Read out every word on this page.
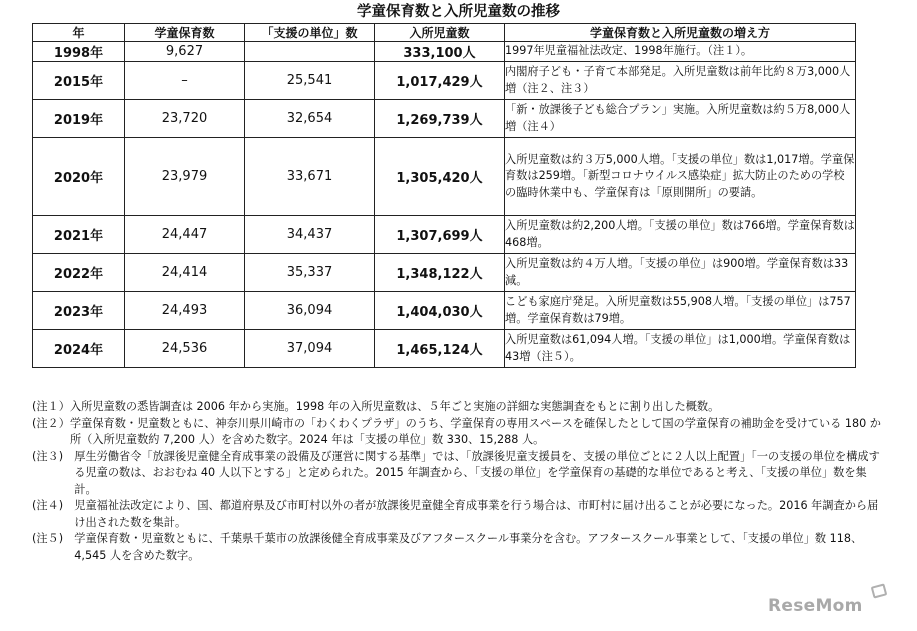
学童保育数と入所児童数の推移
年	学童保育数	「支援の単位」数	入所児童数	学童保育数と入所児童数の増え方
1998年	9,627		333,100人	1997年児童福祉法改定、1998年施行。（注１）。
2015年	–	25,541	1,017,429人	内閣府子ども・子育て本部発足。入所児童数は前年比約８万3,000人増（注２、注３）
2019年	23,720	32,654	1,269,739人	「新・放課後子ども総合プラン」実施。入所児童数は約５万8,000人増（注４）
2020年	23,979	33,671	1,305,420人	入所児童数は約３万5,000人増。「支援の単位」数は1,017増。学童保育数は259増。「新型コロナウイルス感染症」拡大防止のための学校の臨時休業中も、学童保育は「原則開所」の要請。
2021年	24,447	34,437	1,307,699人	入所児童数は約2,200人増。「支援の単位」数は766増。学童保育数は468増。
2022年	24,414	35,337	1,348,122人	入所児童数は約４万人増。「支援の単位」は900増。学童保育数は33減。
2023年	24,493	36,094	1,404,030人	こども家庭庁発足。入所児童数は55,908人増。「支援の単位」は757増。学童保育数は79増。
2024年	24,536	37,094	1,465,124人	入所児童数は61,094人増。「支援の単位」は1,000増。学童保育数は43増（注５）。
(注１） 入所児童数の悉皆調査は 2006 年から実施。1998 年の入所児童数は、５年ごと実施の詳細な実態調査をもとに割り出した概数。
(注２） 学童保育数・児童数ともに、神奈川県川崎市の「わくわくプラザ」のうち、学童保育の専用スペースを確保したとして国の学童保育の補助金を受けている 180 か所（入所児童数約 7,200 人）を含めた数字。2024 年は「支援の単位」数 330、15,288 人。
(注３)　 厚生労働省令「放課後児童健全育成事業の設備及び運営に関する基準」では、「放課後児童支援員を、支援の単位ごとに２人以上配置」「一の支援の単位を構成する児童の数は、おおむね 40 人以下とする」と定められた。2015 年調査から、「支援の単位」を学童保育の基礎的な単位であると考え、「支援の単位」数を集計。
(注４)　 児童福祉法改定により、国、都道府県及び市町村以外の者が放課後児童健全育成事業を行う場合は、市町村に届け出ることが必要になった。2016 年調査から届け出された数を集計。
(注５)　 学童保育数・児童数ともに、千葉県千葉市の放課後健全育成事業及びアフタースクール事業分を含む。アフタースクール事業として、「支援の単位」数 118、4,545 人を含めた数字。
ReseMom
